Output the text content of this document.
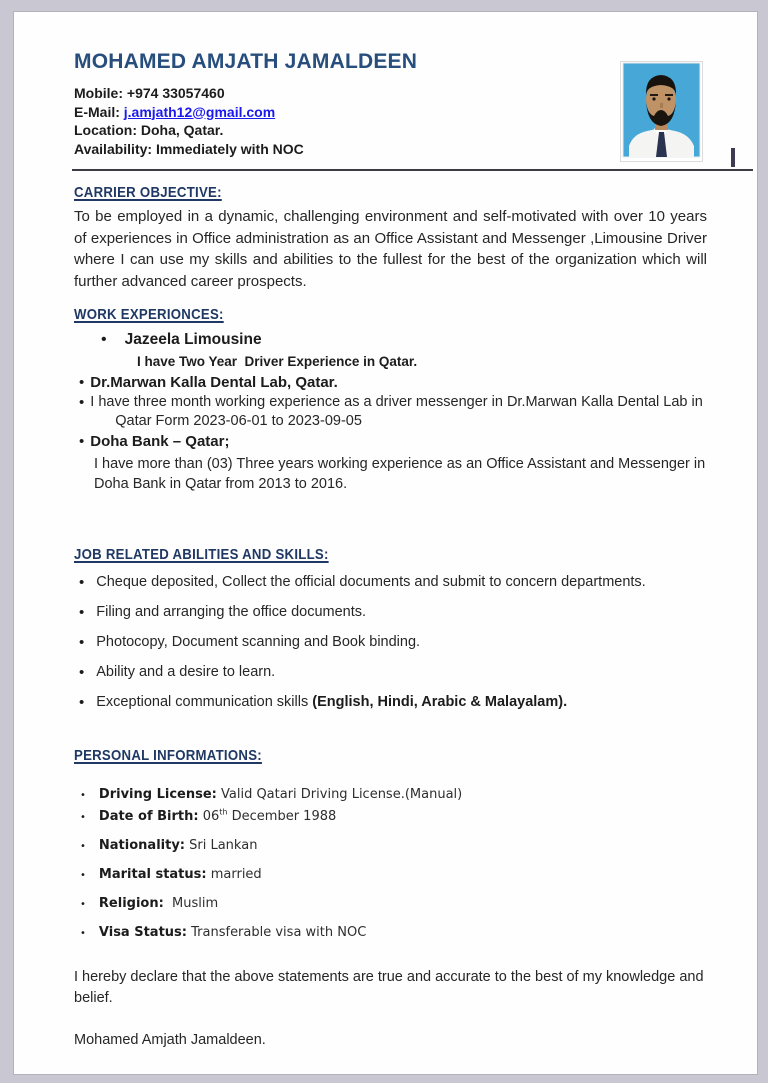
MOHAMED AMJATH JAMALDEEN
Mobile: +974 33057460
E-Mail: j.amjath12@gmail.com
Location: Doha, Qatar.
Availability: Immediately with NOC
CARRIER OBJECTIVE:

To be employed in a dynamic, challenging environment and self-motivated with over 10 years of experiences in Office administration as an Office Assistant and Messenger ,Limousine Driver where I can use my skills and abilities to the fullest for the best of the organization which will further advanced career prospects.

WORK EXPERIONCES:
•
Jazeela Limousine
I have Two Year  Driver Experience in Qatar.
•
Dr.Marwan Kalla Dental Lab, Qatar.
•
I have three month working experience as a driver messenger in Dr.Marwan Kalla Dental Lab in Qatar Form 2023-06-01 to 2023-09-05
•
Doha Bank – Qatar;
I have more than (03) Three years working experience as an Office Assistant and Messenger in Doha Bank in Qatar from 2013 to 2016.
JOB RELATED ABILITIES AND SKILLS:
•
Cheque deposited, Collect the official documents and submit to concern departments.
•
Filing and arranging the office documents.
•
Photocopy, Document scanning and Book binding.
•
Ability and a desire to learn.
•
Exceptional communication skills (English, Hindi, Arabic & Malayalam).
PERSONAL INFORMATIONS:
•
Driving License: Valid Qatari Driving License.(Manual)
•
Date of Birth: 06th December 1988
•
Nationality: Sri Lankan
•
Marital status: married
•
Religion:  Muslim
•
Visa Status: Transferable visa with NOC
I hereby declare that the above statements are true and accurate to the best of my knowledge and belief.
Mohamed Amjath Jamaldeen.
